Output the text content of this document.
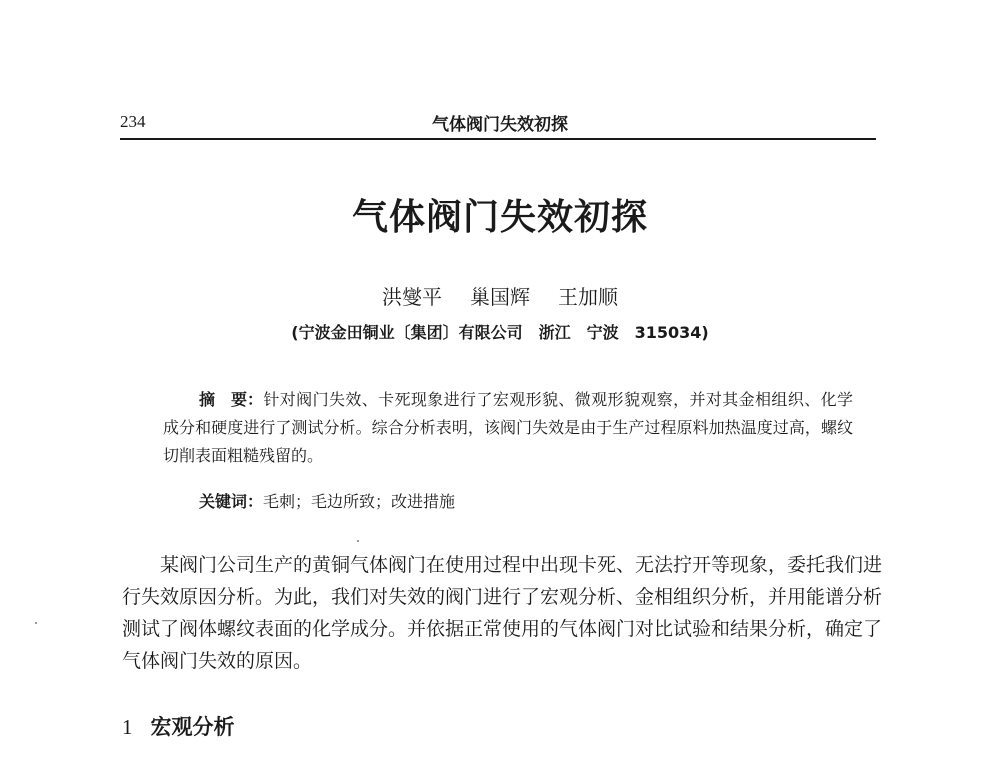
234	气体阀门失效初探
气体阀门失效初探
洪燮平 巢国辉 王加顺
(宁波金田铜业〔集团〕有限公司　浙江　宁波　315034)
摘　要：针对阀门失效、卡死现象进行了宏观形貌、微观形貌观察，并对其金相组织、化学成分和硬度进行了测试分析。综合分析表明，该阀门失效是由于生产过程原料加热温度过高，螺纹切削表面粗糙残留的。
关键词：毛刺；毛边所致；改进措施
某阀门公司生产的黄铜气体阀门在使用过程中出现卡死、无法拧开等现象，委托我们进行失效原因分析。为此，我们对失效的阀门进行了宏观分析、金相组织分析，并用能谱分析测试了阀体螺纹表面的化学成分。并依据正常使用的气体阀门对比试验和结果分析，确定了气体阀门失效的原因。
1 宏观分析
